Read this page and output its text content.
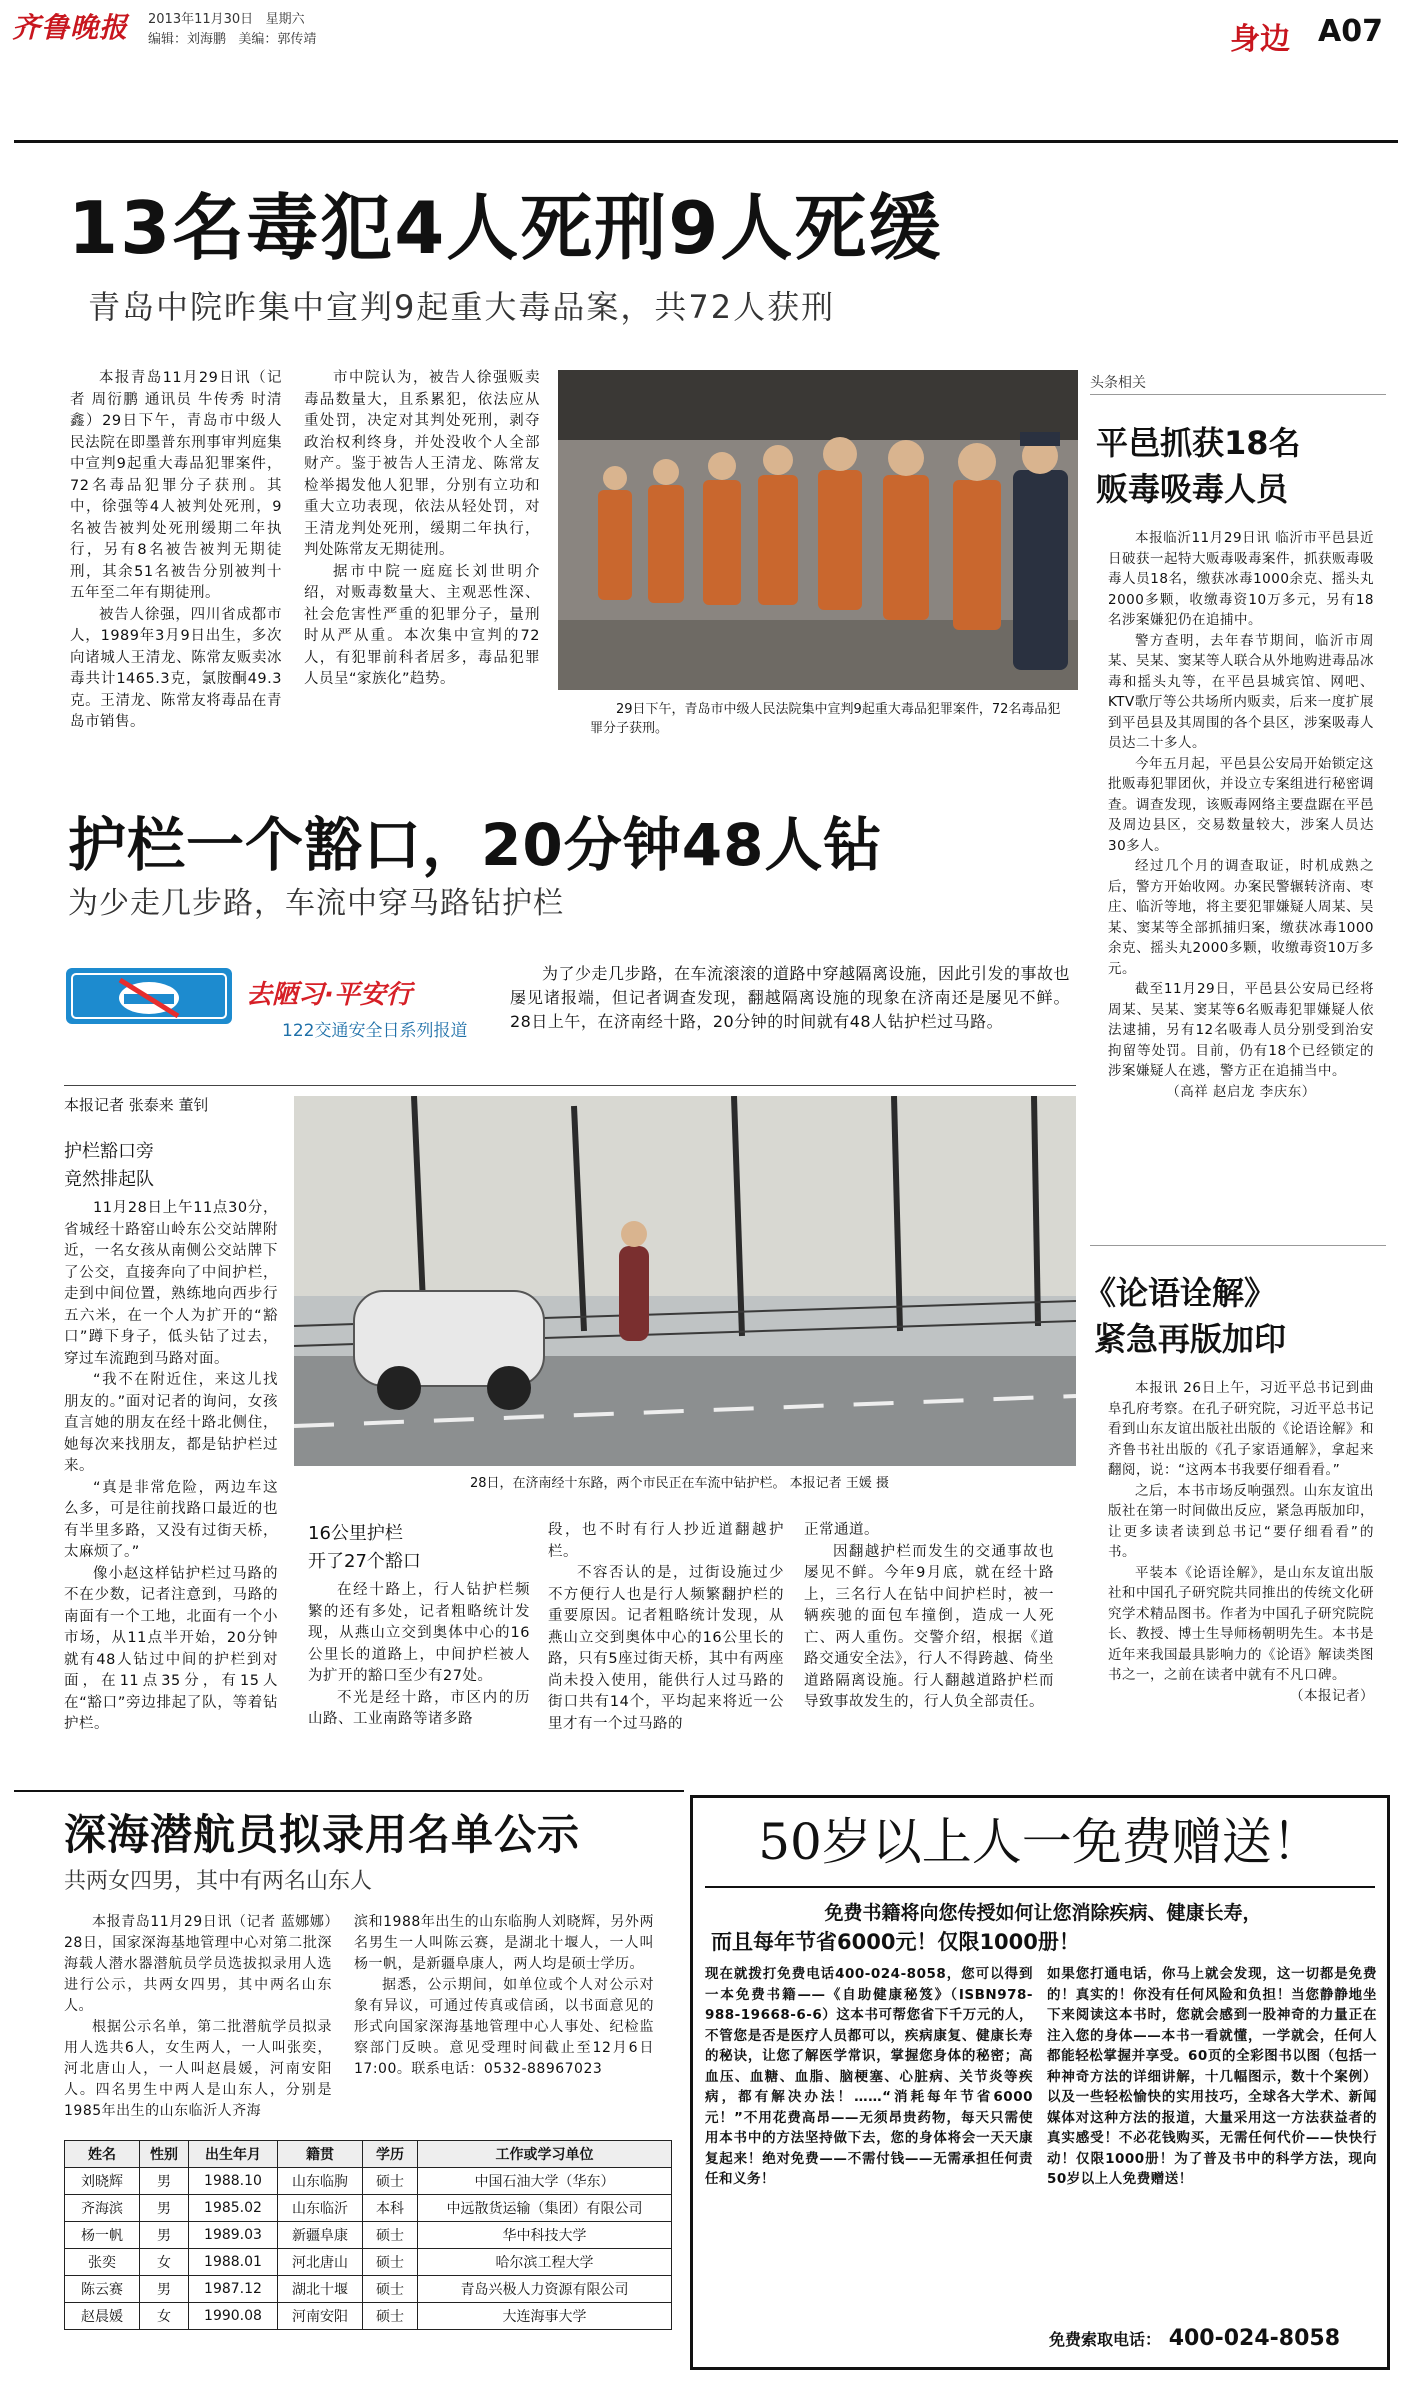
齐鲁晚报 2013年11月30日 星期六
编辑：刘海鹏 美编：郭传靖	身边 A07
13名毒犯4人死刑9人死缓
青岛中院昨集中宣判9起重大毒品案，共72人获刑

本报青岛11月29日讯（记者 周衍鹏 通讯员 牛传秀 时清鑫）29日下午，青岛市中级人民法院在即墨普东刑事审判庭集中宣判9起重大毒品犯罪案件，72名毒品犯罪分子获刑。其中，徐强等4人被判处死刑，9名被告被判处死刑缓期二年执行，另有8名被告被判无期徒刑，其余51名被告分别被判十五年至二年有期徒刑。

被告人徐强，四川省成都市人，1989年3月9日出生，多次向诸城人王清龙、陈常友贩卖冰毒共计1465.3克，氯胺酮49.3克。王清龙、陈常友将毒品在青岛市销售。

市中院认为，被告人徐强贩卖毒品数量大，且系累犯，依法应从重处罚，决定对其判处死刑，剥夺政治权利终身，并处没收个人全部财产。鉴于被告人王清龙、陈常友检举揭发他人犯罪，分别有立功和重大立功表现，依法从轻处罚，对王清龙判处死刑，缓期二年执行，判处陈常友无期徒刑。

据市中院一庭庭长刘世明介绍，对贩毒数量大、主观恶性深、社会危害性严重的犯罪分子，量刑时从严从重。本次集中宣判的72人，有犯罪前科者居多，毒品犯罪人员呈“家族化”趋势。

29日下午，青岛市中级人民法院集中宣判9起重大毒品犯罪案件，72名毒品犯罪分子获刑。
头条相关
平邑抓获18名
贩毒吸毒人员

本报临沂11月29日讯 临沂市平邑县近日破获一起特大贩毒吸毒案件，抓获贩毒吸毒人员18名，缴获冰毒1000余克、摇头丸2000多颗，收缴毒资10万多元，另有18名涉案嫌犯仍在追捕中。

警方查明，去年春节期间，临沂市周某、吴某、窦某等人联合从外地购进毒品冰毒和摇头丸等，在平邑县城宾馆、网吧、KTV歌厅等公共场所内贩卖，后来一度扩展到平邑县及其周围的各个县区，涉案吸毒人员达二十多人。

今年五月起，平邑县公安局开始锁定这批贩毒犯罪团伙，并设立专案组进行秘密调查。调查发现，该贩毒网络主要盘踞在平邑及周边县区，交易数量较大，涉案人员达30多人。

经过几个月的调查取证，时机成熟之后，警方开始收网。办案民警辗转济南、枣庄、临沂等地，将主要犯罪嫌疑人周某、吴某、窦某等全部抓捕归案，缴获冰毒1000余克、摇头丸2000多颗，收缴毒资10万多元。

截至11月29日，平邑县公安局已经将周某、吴某、窦某等6名贩毒犯罪嫌疑人依法逮捕，另有12名吸毒人员分别受到治安拘留等处罚。目前，仍有18个已经锁定的涉案嫌疑人在逃，警方正在追捕当中。

（高祥 赵启龙 李庆东）
护栏一个豁口，20分钟48人钻
为少走几步路，车流中穿马路钻护栏
去陋习·平安行
122交通安全日系列报道
为了少走几步路，在车流滚滚的道路中穿越隔离设施，因此引发的事故也屡见诸报端，但记者调查发现，翻越隔离设施的现象在济南还是屡见不鲜。28日上午，在济南经十路，20分钟的时间就有48人钻护栏过马路。
本报记者 张泰来 董钊
护栏豁口旁
竟然排起队

11月28日上午11点30分，省城经十路窑山岭东公交站牌附近，一名女孩从南侧公交站牌下了公交，直接奔向了中间护栏，走到中间位置，熟练地向西步行五六米，在一个人为扩开的“豁口”蹲下身子，低头钻了过去，穿过车流跑到马路对面。

“我不在附近住，来这儿找朋友的。”面对记者的询问，女孩直言她的朋友在经十路北侧住，她每次来找朋友，都是钻护栏过来。

“真是非常危险，两边车这么多，可是往前找路口最近的也有半里多路，又没有过街天桥，太麻烦了。”

像小赵这样钻护栏过马路的不在少数，记者注意到，马路的南面有一个工地，北面有一个小市场，从11点半开始，20分钟就有48人钻过中间的护栏到对面，在11点35分，有15人在“豁口”旁边排起了队，等着钻护栏。

28日，在济南经十东路，两个市民正在车流中钻护栏。 本报记者 王媛 摄
16公里护栏
开了27个豁口

在经十路上，行人钻护栏频繁的还有多处，记者粗略统计发现，从燕山立交到奥体中心的16公里长的道路上，中间护栏被人为扩开的豁口至少有27处。

不光是经十路，市区内的历山路、工业南路等诸多路

段，也不时有行人抄近道翻越护栏。

不容否认的是，过街设施过少不方便行人也是行人频繁翻护栏的重要原因。记者粗略统计发现，从燕山立交到奥体中心的16公里长的路，只有5座过街天桥，其中有两座尚未投入使用，能供行人过马路的街口共有14个，平均起来将近一公里才有一个过马路的

正常通道。

因翻越护栏而发生的交通事故也屡见不鲜。今年9月底，就在经十路上，三名行人在钻中间护栏时，被一辆疾驰的面包车撞倒，造成一人死亡、两人重伤。交警介绍，根据《道路交通安全法》，行人不得跨越、倚坐道路隔离设施。行人翻越道路护栏而导致事故发生的，行人负全部责任。

《论语诠解》
紧急再版加印

本报讯 26日上午，习近平总书记到曲阜孔府考察。在孔子研究院，习近平总书记看到山东友谊出版社出版的《论语诠解》和齐鲁书社出版的《孔子家语通解》，拿起来翻阅，说：“这两本书我要仔细看看。”

之后，本书市场反响强烈。山东友谊出版社在第一时间做出反应，紧急再版加印，让更多读者读到总书记“要仔细看看”的书。

平装本《论语诠解》，是山东友谊出版社和中国孔子研究院共同推出的传统文化研究学术精品图书。作者为中国孔子研究院院长、教授、博士生导师杨朝明先生。本书是近年来我国最具影响力的《论语》解读类图书之一，之前在读者中就有不凡口碑。

（本报记者）
深海潜航员拟录用名单公示
共两女四男，其中有两名山东人

本报青岛11月29日讯（记者 蓝娜娜）28日，国家深海基地管理中心对第二批深海载人潜水器潜航员学员选拔拟录用人选进行公示，共两女四男，其中两名山东人。

根据公示名单，第二批潜航学员拟录用人选共6人，女生两人，一人叫张奕，河北唐山人，一人叫赵晨媛，河南安阳人。四名男生中两人是山东人，分别是1985年出生的山东临沂人齐海

滨和1988年出生的山东临朐人刘晓辉，另外两名男生一人叫陈云赛，是湖北十堰人，一人叫杨一帆，是新疆阜康人，两人均是硕士学历。

据悉，公示期间，如单位或个人对公示对象有异议，可通过传真或信函，以书面意见的形式向国家深海基地管理中心人事处、纪检监察部门反映。意见受理时间截止至12月6日17:00。联系电话：0532-88967023

姓名	性别	出生年月	籍贯	学历	工作或学习单位
刘晓辉	男	1988.10	山东临朐	硕士	中国石油大学（华东）
齐海滨	男	1985.02	山东临沂	本科	中远散货运输（集团）有限公司
杨一帆	男	1989.03	新疆阜康	硕士	华中科技大学
张奕	女	1988.01	河北唐山	硕士	哈尔滨工程大学
陈云赛	男	1987.12	湖北十堰	硕士	青岛兴极人力资源有限公司
赵晨媛	女	1990.08	河南安阳	硕士	大连海事大学
50岁以上人一免费赠送！
免费书籍将向您传授如何让您消除疾病、健康长寿，
而且每年节省6000元！仅限1000册！
现在就拨打免费电话400-024-8058，您可以得到一本免费书籍——《自助健康秘笈》（ISBN978-988-19668-6-6）这本书可帮您省下千万元的人，不管您是否是医疗人员都可以，疾病康复、健康长寿的秘诀，让您了解医学常识，掌握您身体的秘密；高血压、血糖、血脂、脑梗塞、心脏病、关节炎等疾病，都有解决办法！……“消耗每年节省6000元！”不用花费高昂——无须昂贵药物，每天只需使用本书中的方法坚持做下去，您的身体将会一天天康复起来！绝对免费——不需付钱——无需承担任何责任和义务！
如果您打通电话，你马上就会发现，这一切都是免费的！真实的！你没有任何风险和负担！当您静静地坐下来阅读这本书时，您就会感到一股神奇的力量正在注入您的身体——本书一看就懂，一学就会，任何人都能轻松掌握并享受。60页的全彩图书以图（包括一种神奇方法的详细讲解，十几幅图示，数十个案例）以及一些轻松愉快的实用技巧，全球各大学术、新闻媒体对这种方法的报道，大量采用这一方法获益者的真实感受！不必花钱购买，无需任何代价——快快行动！仅限1000册！为了普及书中的科学方法，现向50岁以上人免费赠送！
免费索取电话： 400-024-8058
